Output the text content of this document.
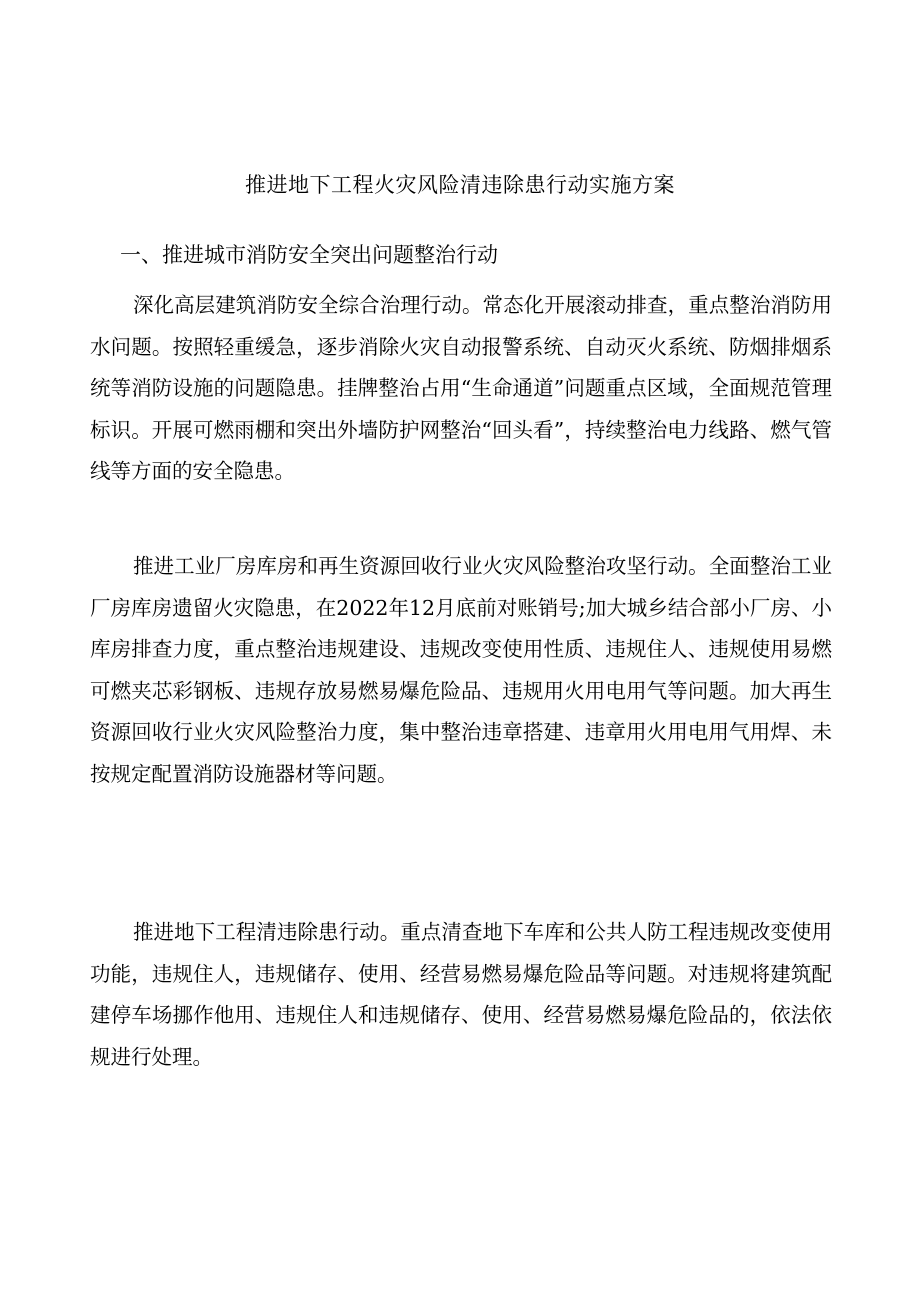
推进地下工程火灾风险清违除患行动实施方案
一、推进城市消防安全突出问题整治行动

深化高层建筑消防安全综合治理行动。常态化开展滚动排查，重点整治消防用水问题。按照轻重缓急，逐步消除火灾自动报警系统、自动灭火系统、防烟排烟系统等消防设施的问题隐患。挂牌整治占用“生命通道”问题重点区域，全面规范管理标识。开展可燃雨棚和突出外墙防护网整治“回头看”，持续整治电力线路、燃气管线等方面的安全隐患。

推进工业厂房库房和再生资源回收行业火灾风险整治攻坚行动。全面整治工业厂房库房遗留火灾隐患，在2022年12月底前对账销号;加大城乡结合部小厂房、小库房排查力度，重点整治违规建设、违规改变使用性质、违规住人、违规使用易燃可燃夹芯彩钢板、违规存放易燃易爆危险品、违规用火用电用气等问题。加大再生资源回收行业火灾风险整治力度，集中整治违章搭建、违章用火用电用气用焊、未按规定配置消防设施器材等问题。

推进地下工程清违除患行动。重点清查地下车库和公共人防工程违规改变使用功能，违规住人，违规储存、使用、经营易燃易爆危险品等问题。对违规将建筑配建停车场挪作他用、违规住人和违规储存、使用、经营易燃易爆危险品的，依法依规进行处理。
